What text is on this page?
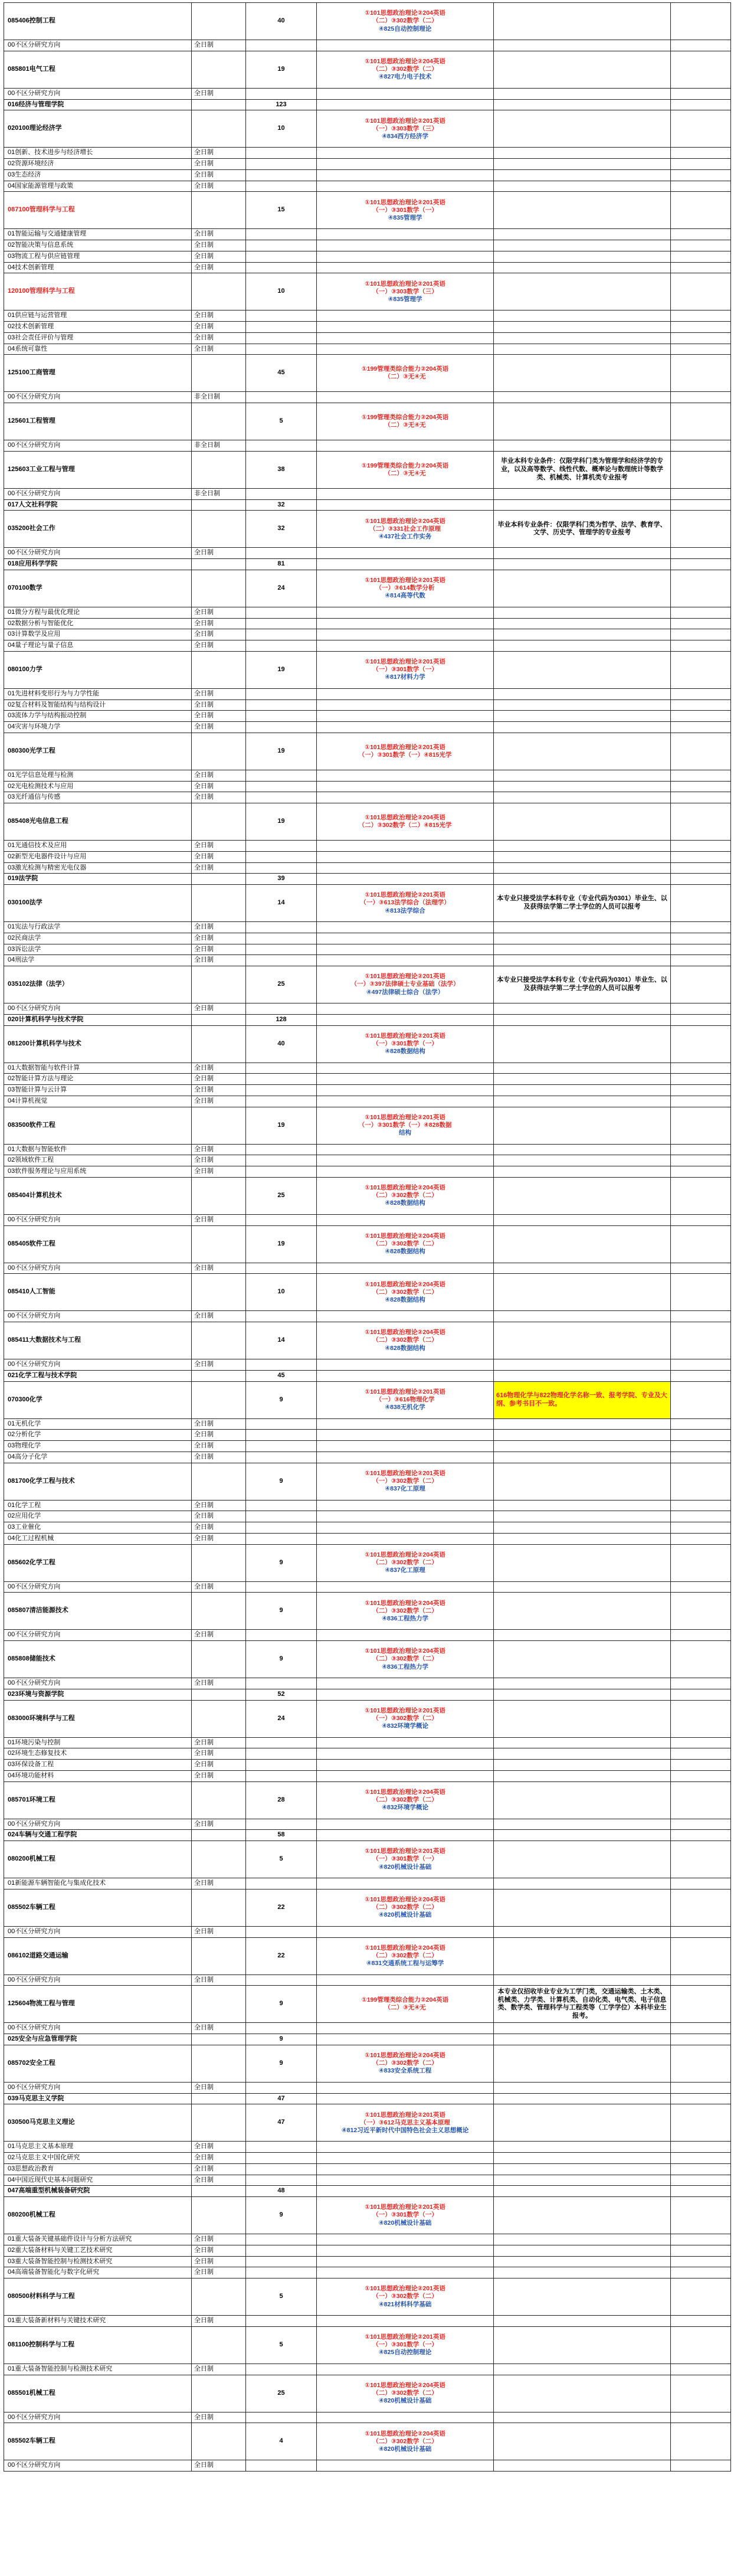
085406控制工程		40	①101思想政治理论②204英语
（二）③302数学（二）
④825自动控制理论		

00不区分研究方向	全日制				
085801电气工程		19	①101思想政治理论②204英语
（二）③302数学（二）
④827电力电子技术		

00不区分研究方向	全日制				
016经济与管理学院		123			
020100理论经济学		10	①101思想政治理论②201英语
（一）③303数学（三）
④834西方经济学		

01创新、技术进步与经济增长	全日制				
02资源环境经济	全日制				
03生态经济	全日制				
04国家能源管理与政策	全日制				
087100管理科学与工程		15	①101思想政治理论②201英语
（一）③301数学（一）
④835管理学		

01智能运输与交通健康管理	全日制				
02智能决策与信息系统	全日制				
03物流工程与供应链管理	全日制				
04技术创新管理	全日制				
120100管理科学与工程		10	①101思想政治理论②201英语
（一）③303数学（三）
④835管理学		

01供应链与运营管理	全日制				
02技术创新管理	全日制				
03社会责任评价与管理	全日制				
04系统可靠性	全日制				
125100工商管理		45	①199管理类综合能力②204英语
（二）③无④无		

00不区分研究方向	非全日制				
125601工程管理		5	①199管理类综合能力②204英语
（二）③无④无		

00不区分研究方向	非全日制				
125603工业工程与管理		38	①199管理类综合能力②204英语
（二）③无④无	毕业本科专业条件：仅限学科门类为管理学和经济学的专业，以及高等数学、线性代数、概率论与数理统计等数学类、机械类、计算机类专业报考	
00不区分研究方向	非全日制				
017人文社科学院		32			
035200社会工作		32	①101思想政治理论②204英语
（二）③331社会工作原理
④437社会工作实务	毕业本科专业条件：仅限学科门类为哲学、法学、教育学、文学、历史学、管理学的专业报考	
00不区分研究方向	全日制				
018应用科学学院		81			
070100数学		24	①101思想政治理论②201英语
（一）③614数学分析
④814高等代数		

01微分方程与最优化理论	全日制				
02数据分析与智能优化	全日制				
03计算数学及应用	全日制				
04量子理论与量子信息	全日制				
080100力学		19	①101思想政治理论②201英语
（一）③301数学（一）
④817材料力学		

01先进材料变形行为与力学性能	全日制				
02复合材料及智能结构与结构设计	全日制				
03流体力学与结构振动控制	全日制				
04灾害与环境力学	全日制				
080300光学工程		19	①101思想政治理论②201英语
（一）③301数学（一）④815光学		

01光学信息处理与检测	全日制				
02光电检测技术与应用	全日制				
03光纤通信与传感	全日制				
085408光电信息工程		19	①101思想政治理论②204英语
（二）③302数学（二）④815光学		

01光通信技术及应用	全日制				
02新型光电器件设计与应用	全日制				
03激光检测与精密光电仪器	全日制				
019法学院		39			
030100法学		14	①101思想政治理论②201英语
（一）③613法学综合（法理学）
④813法学综合	本专业只接受法学本科专业（专业代码为0301）毕业生、以及获得法学第二学士学位的人员可以报考	
01宪法与行政法学	全日制				
02民商法学	全日制				
03诉讼法学	全日制				
04刑法学	全日制				
035102法律（法学）		25	①101思想政治理论②201英语
（一）③397法律硕士专业基础（法学）
④497法律硕士综合（法学）	本专业只接受法学本科专业（专业代码为0301）毕业生、以及获得法学第二学士学位的人员可以报考	
00不区分研究方向	全日制				
020计算机科学与技术学院		128			
081200计算机科学与技术		40	①101思想政治理论②201英语
（一）③301数学（一）
④828数据结构		

01大数据智能与软件计算	全日制				
02智能计算方法与理论	全日制				
03智能计算与云计算	全日制				
04计算机视觉	全日制				
083500软件工程		19	①101思想政治理论②201英语
（一）③301数学（一）④828数据
结构		

01大数据与智能软件	全日制				
02领域软件工程	全日制				
03软件服务理论与应用系统	全日制				
085404计算机技术		25	①101思想政治理论②204英语
（二）③302数学（二）
④828数据结构		

00不区分研究方向	全日制				
085405软件工程		19	①101思想政治理论②204英语
（二）③302数学（二）
④828数据结构		

00不区分研究方向	全日制				
085410人工智能		10	①101思想政治理论②204英语
（二）③302数学（二）
④828数据结构		

00不区分研究方向	全日制				
085411大数据技术与工程		14	①101思想政治理论②204英语
（二）③302数学（二）
④828数据结构		

00不区分研究方向	全日制				
021化学工程与技术学院		45			
070300化学		9	①101思想政治理论②201英语
（一）③616物理化学
④838无机化学	616物理化学与822物理化学名称一致、报考学院、专业及大纲、参考书目不一致。	
01无机化学	全日制				
02分析化学	全日制				
03物理化学	全日制				
04高分子化学	全日制				
081700化学工程与技术		9	①101思想政治理论②201英语
（一）③302数学（二）
④837化工原理		

01化学工程	全日制				
02应用化学	全日制				
03工业催化	全日制				
04化工过程机械	全日制				
085602化学工程		9	①101思想政治理论②204英语
（二）③302数学（二）
④837化工原理		

00不区分研究方向	全日制				
085807清洁能源技术		9	①101思想政治理论②204英语
（二）③302数学（二）
④836工程热力学		

00不区分研究方向	全日制				
085808储能技术		9	①101思想政治理论②204英语
（二）③302数学（二）
④836工程热力学		

00不区分研究方向	全日制				
023环境与资源学院		52			
083000环境科学与工程		24	①101思想政治理论②201英语
（一）③302数学（二）
④832环境学概论		

01环境污染与控制	全日制				
02环境生态修复技术	全日制				
03环保设备工程	全日制				
04环境功能材料	全日制				
085701环境工程		28	①101思想政治理论②204英语
（二）③302数学（二）
④832环境学概论		

00不区分研究方向	全日制				
024车辆与交通工程学院		58			
080200机械工程		5	①101思想政治理论②201英语
（一）③301数学（一）
④820机械设计基础		

01新能源车辆智能化与集成化技术	全日制				
085502车辆工程		22	①101思想政治理论②204英语
（二）③302数学（二）
④820机械设计基础		

00不区分研究方向	全日制				
086102道路交通运输		22	①101思想政治理论②204英语
（二）③302数学（二）
④831交通系统工程与运筹学		

00不区分研究方向	全日制				
125604物流工程与管理		9	①199管理类综合能力②204英语
（二）③无④无	本专业仅招收毕业专业为工学门类，交通运输类、土木类、机械类、力学类、计算机类、自动化类、电气类、电子信息类、数学类、管理科学与工程类等（工学学位）本科毕业生报考。	
00不区分研究方向	全日制				
025安全与应急管理学院		9			
085702安全工程		9	①101思想政治理论②204英语
（二）③302数学（二）
④833安全系统工程		

00不区分研究方向	全日制				
039马克思主义学院		47			
030500马克思主义理论		47	①101思想政治理论②201英语
（一）③612马克思主义基本原理
④812习近平新时代中国特色社会主义思想概论		

01马克思主义基本原理	全日制				
02马克思主义中国化研究	全日制				
03思想政治教育	全日制				
04中国近现代史基本问题研究	全日制				
047高端重型机械装备研究院		48			
080200机械工程		9	①101思想政治理论②201英语
（一）③301数学（一）
④820机械设计基础		

01重大装备关键基础件设计与分析方法研究	全日制				
02重大装备材料与关键工艺技术研究	全日制				
03重大装备智能控制与检测技术研究	全日制				
04高端装备智能化与数字化研究	全日制				
080500材料科学与工程		5	①101思想政治理论②201英语
（一）③302数学（二）
④821材料科学基础		

01重大装备新材料与关键技术研究	全日制				
081100控制科学与工程		5	①101思想政治理论②201英语
（一）③301数学（一）
④825自动控制理论		

01重大装备智能控制与检测技术研究	全日制				
085501机械工程		25	①101思想政治理论②204英语
（二）③302数学（二）
④820机械设计基础		

00不区分研究方向	全日制				
085502车辆工程		4	①101思想政治理论②204英语
（二）③302数学（二）
④820机械设计基础		

00不区分研究方向	全日制				
